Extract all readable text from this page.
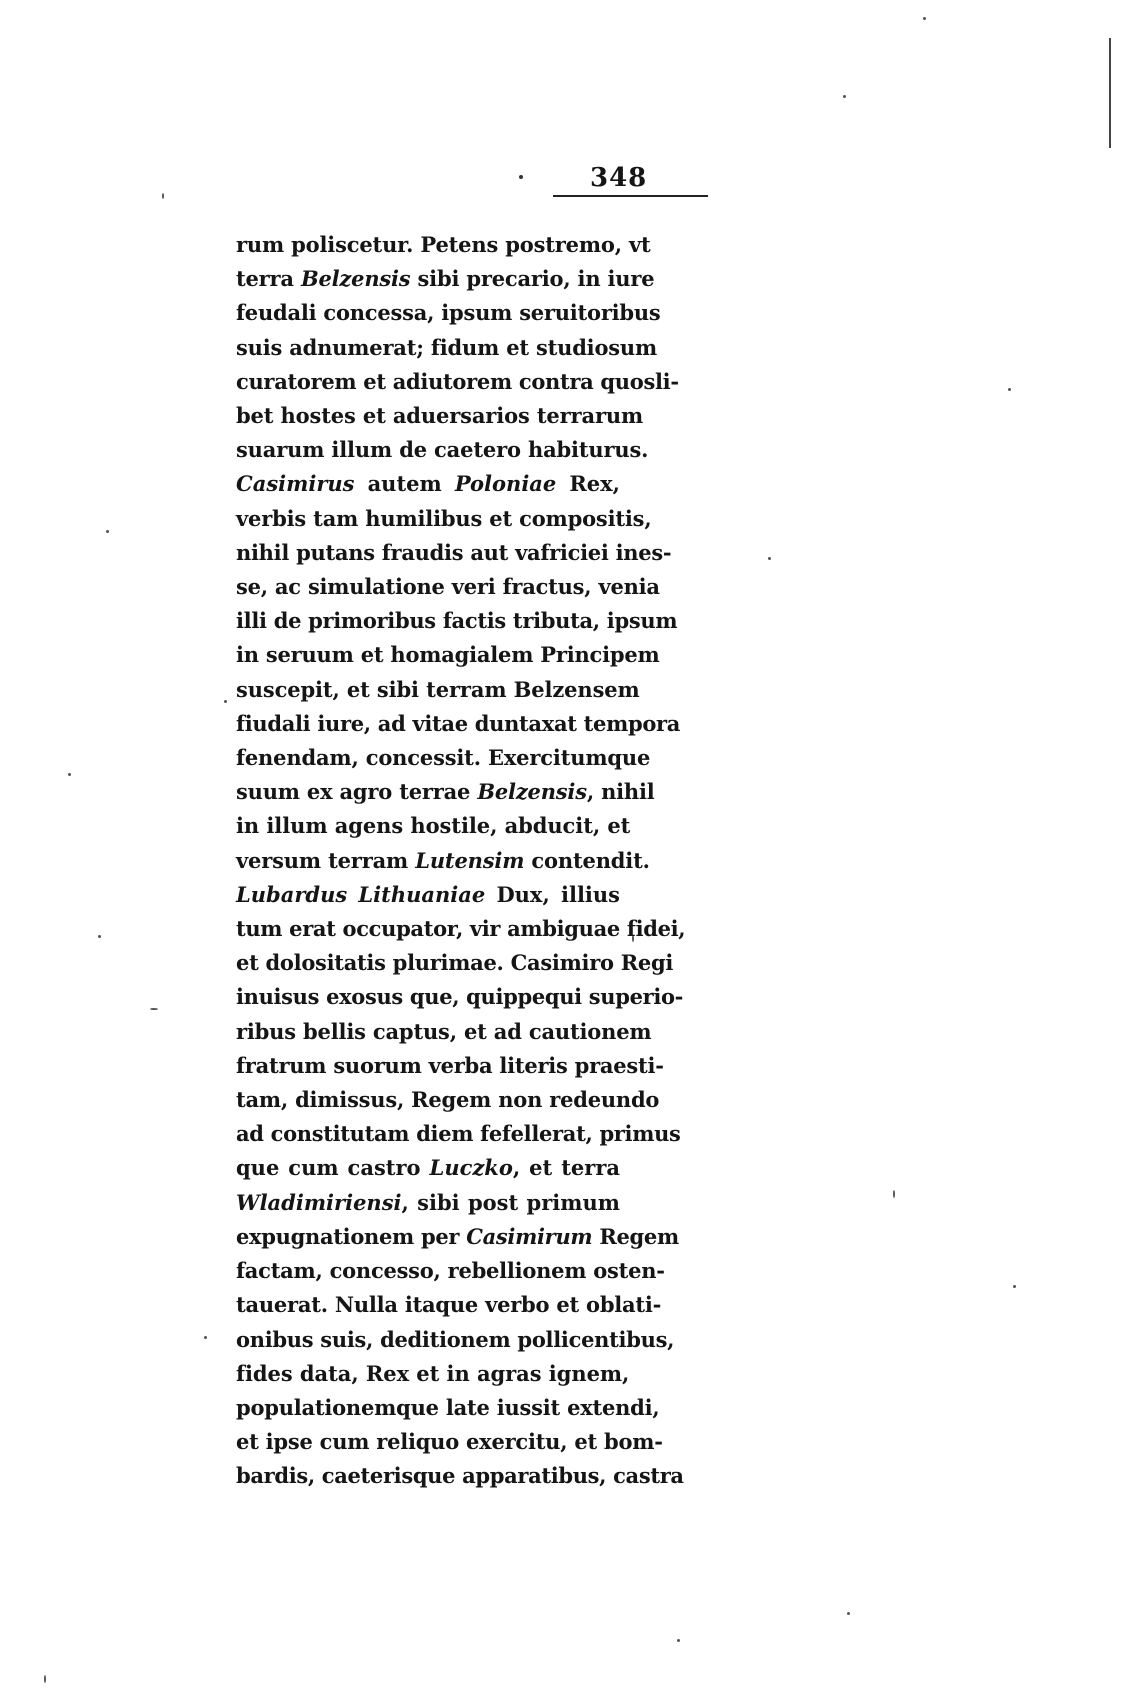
348
rum poliscetur. Petens postremo, vt
terra Belzensis sibi precario, in iure
feudali concessa, ipsum seruitoribus
suis adnumerat; fidum et studiosum
curatorem et adiutorem contra quosli-
bet hostes et aduersarios terrarum
suarum illum de caetero habiturus.
Casimirus autem Poloniae Rex,
verbis tam humilibus et compositis,
nihil putans fraudis aut vafriciei ines-
se, ac simulatione veri fractus, venia
illi de primoribus factis tributa, ipsum
in seruum et homagialem Principem
suscepit, et sibi terram Belzensem
fiudali iure, ad vitae duntaxat tempora
fenendam, concessit. Exercitumque
suum ex agro terrae Belzensis, nihil
in illum agens hostile, abducit, et
versum terram Lutensim contendit.
Lubardus Lithuaniae Dux, illius
tum erat occupator, vir ambiguae fidei,
et dolositatis plurimae. Casimiro Regi
inuisus exosus que, quippequi superio-
ribus bellis captus, et ad cautionem
fratrum suorum verba literis praesti-
tam, dimissus, Regem non redeundo
ad constitutam diem fefellerat, primus
que cum castro Luczko, et terra
Wladimiriensi, sibi post primum
expugnationem per Casimirum Regem
factam, concesso, rebellionem osten-
tauerat. Nulla itaque verbo et oblati-
onibus suis, deditionem pollicentibus,
fides data, Rex et in agras ignem,
populationemque late iussit extendi,
et ipse cum reliquo exercitu, et bom-
bardis, caeterisque apparatibus, castra
